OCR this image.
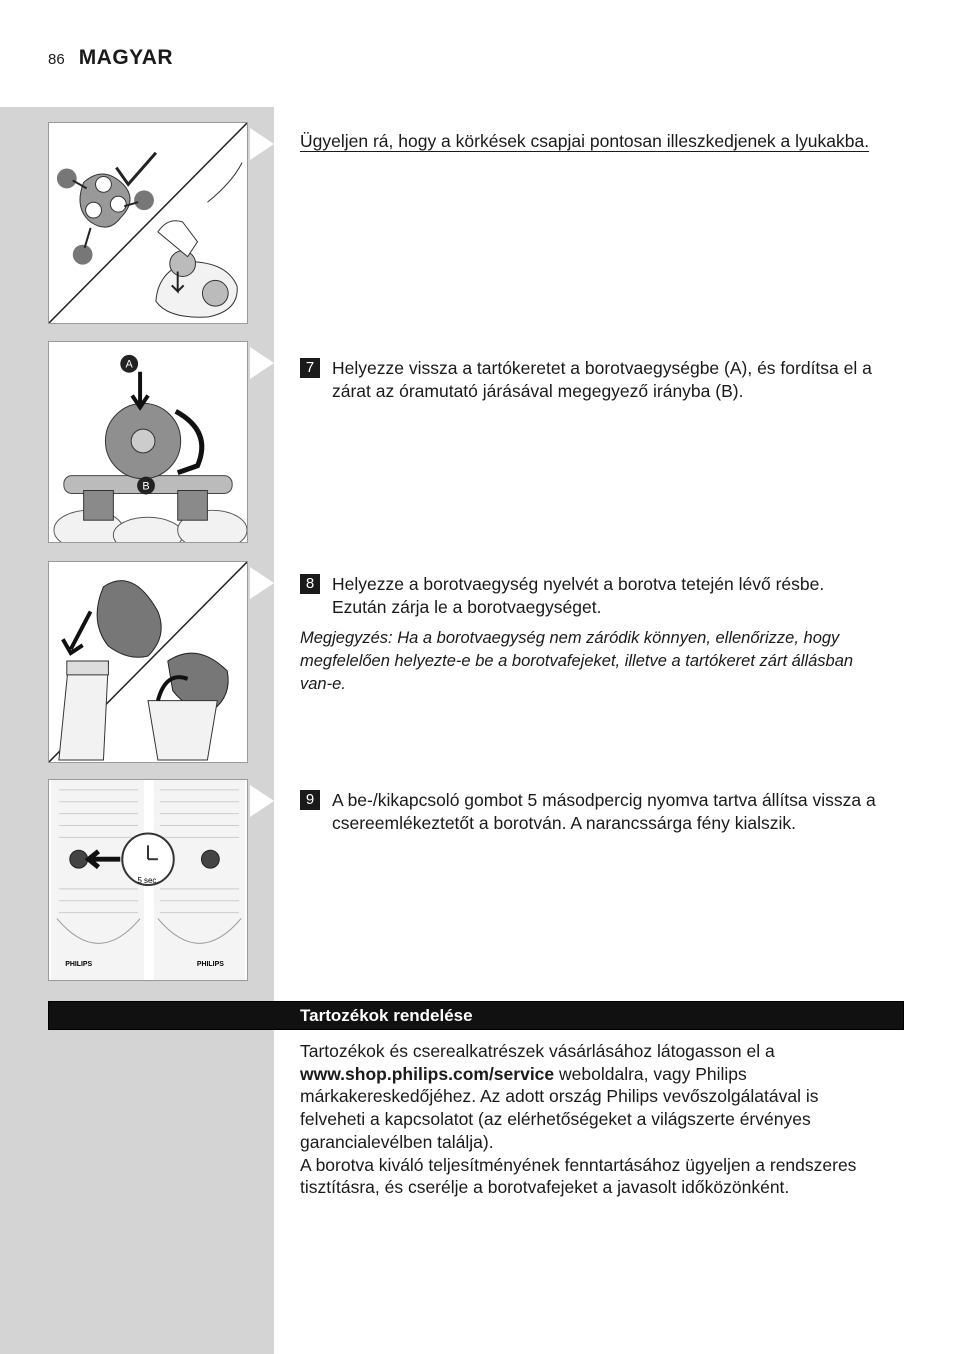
86 MAGYAR
A
B
5 sec.
PHILIPS	PHILIPS
Ügyeljen rá, hogy a körkések csapjai pontosan illeszkedjenek a lyukakba.
7	Helyezze vissza a tartókeretet a borotvaegységbe (A), és fordítsa el a zárat az óramutató járásával megegyező irányba (B).
8	Helyezze a borotvaegység nyelvét a borotva tetején lévő résbe. Ezután zárja le a borotvaegységet.
Megjegyzés: Ha a borotvaegység nem záródik könnyen, ellenőrizze, hogy megfelelően helyezte-e be a borotvafejeket, illetve a tartókeret zárt állásban van-e.
9	A be-/kikapcsoló gombot 5 másodpercig nyomva tartva állítsa vissza a csereemlékeztetőt a borotván. A narancssárga fény kialszik.
Tartozékok rendelése
Tartozékok és cserealkatrészek vásárlásához látogasson el a www.shop.philips.com/service weboldalra, vagy Philips márkakereskedőjéhez. Az adott ország Philips vevőszolgálatával is felveheti a kapcsolatot (az elérhetőségeket a világszerte érvényes garancialevélben találja).
A borotva kiváló teljesítményének fenntartásához ügyeljen a rendszeres tisztításra, és cserélje a borotvafejeket a javasolt időközönként.
